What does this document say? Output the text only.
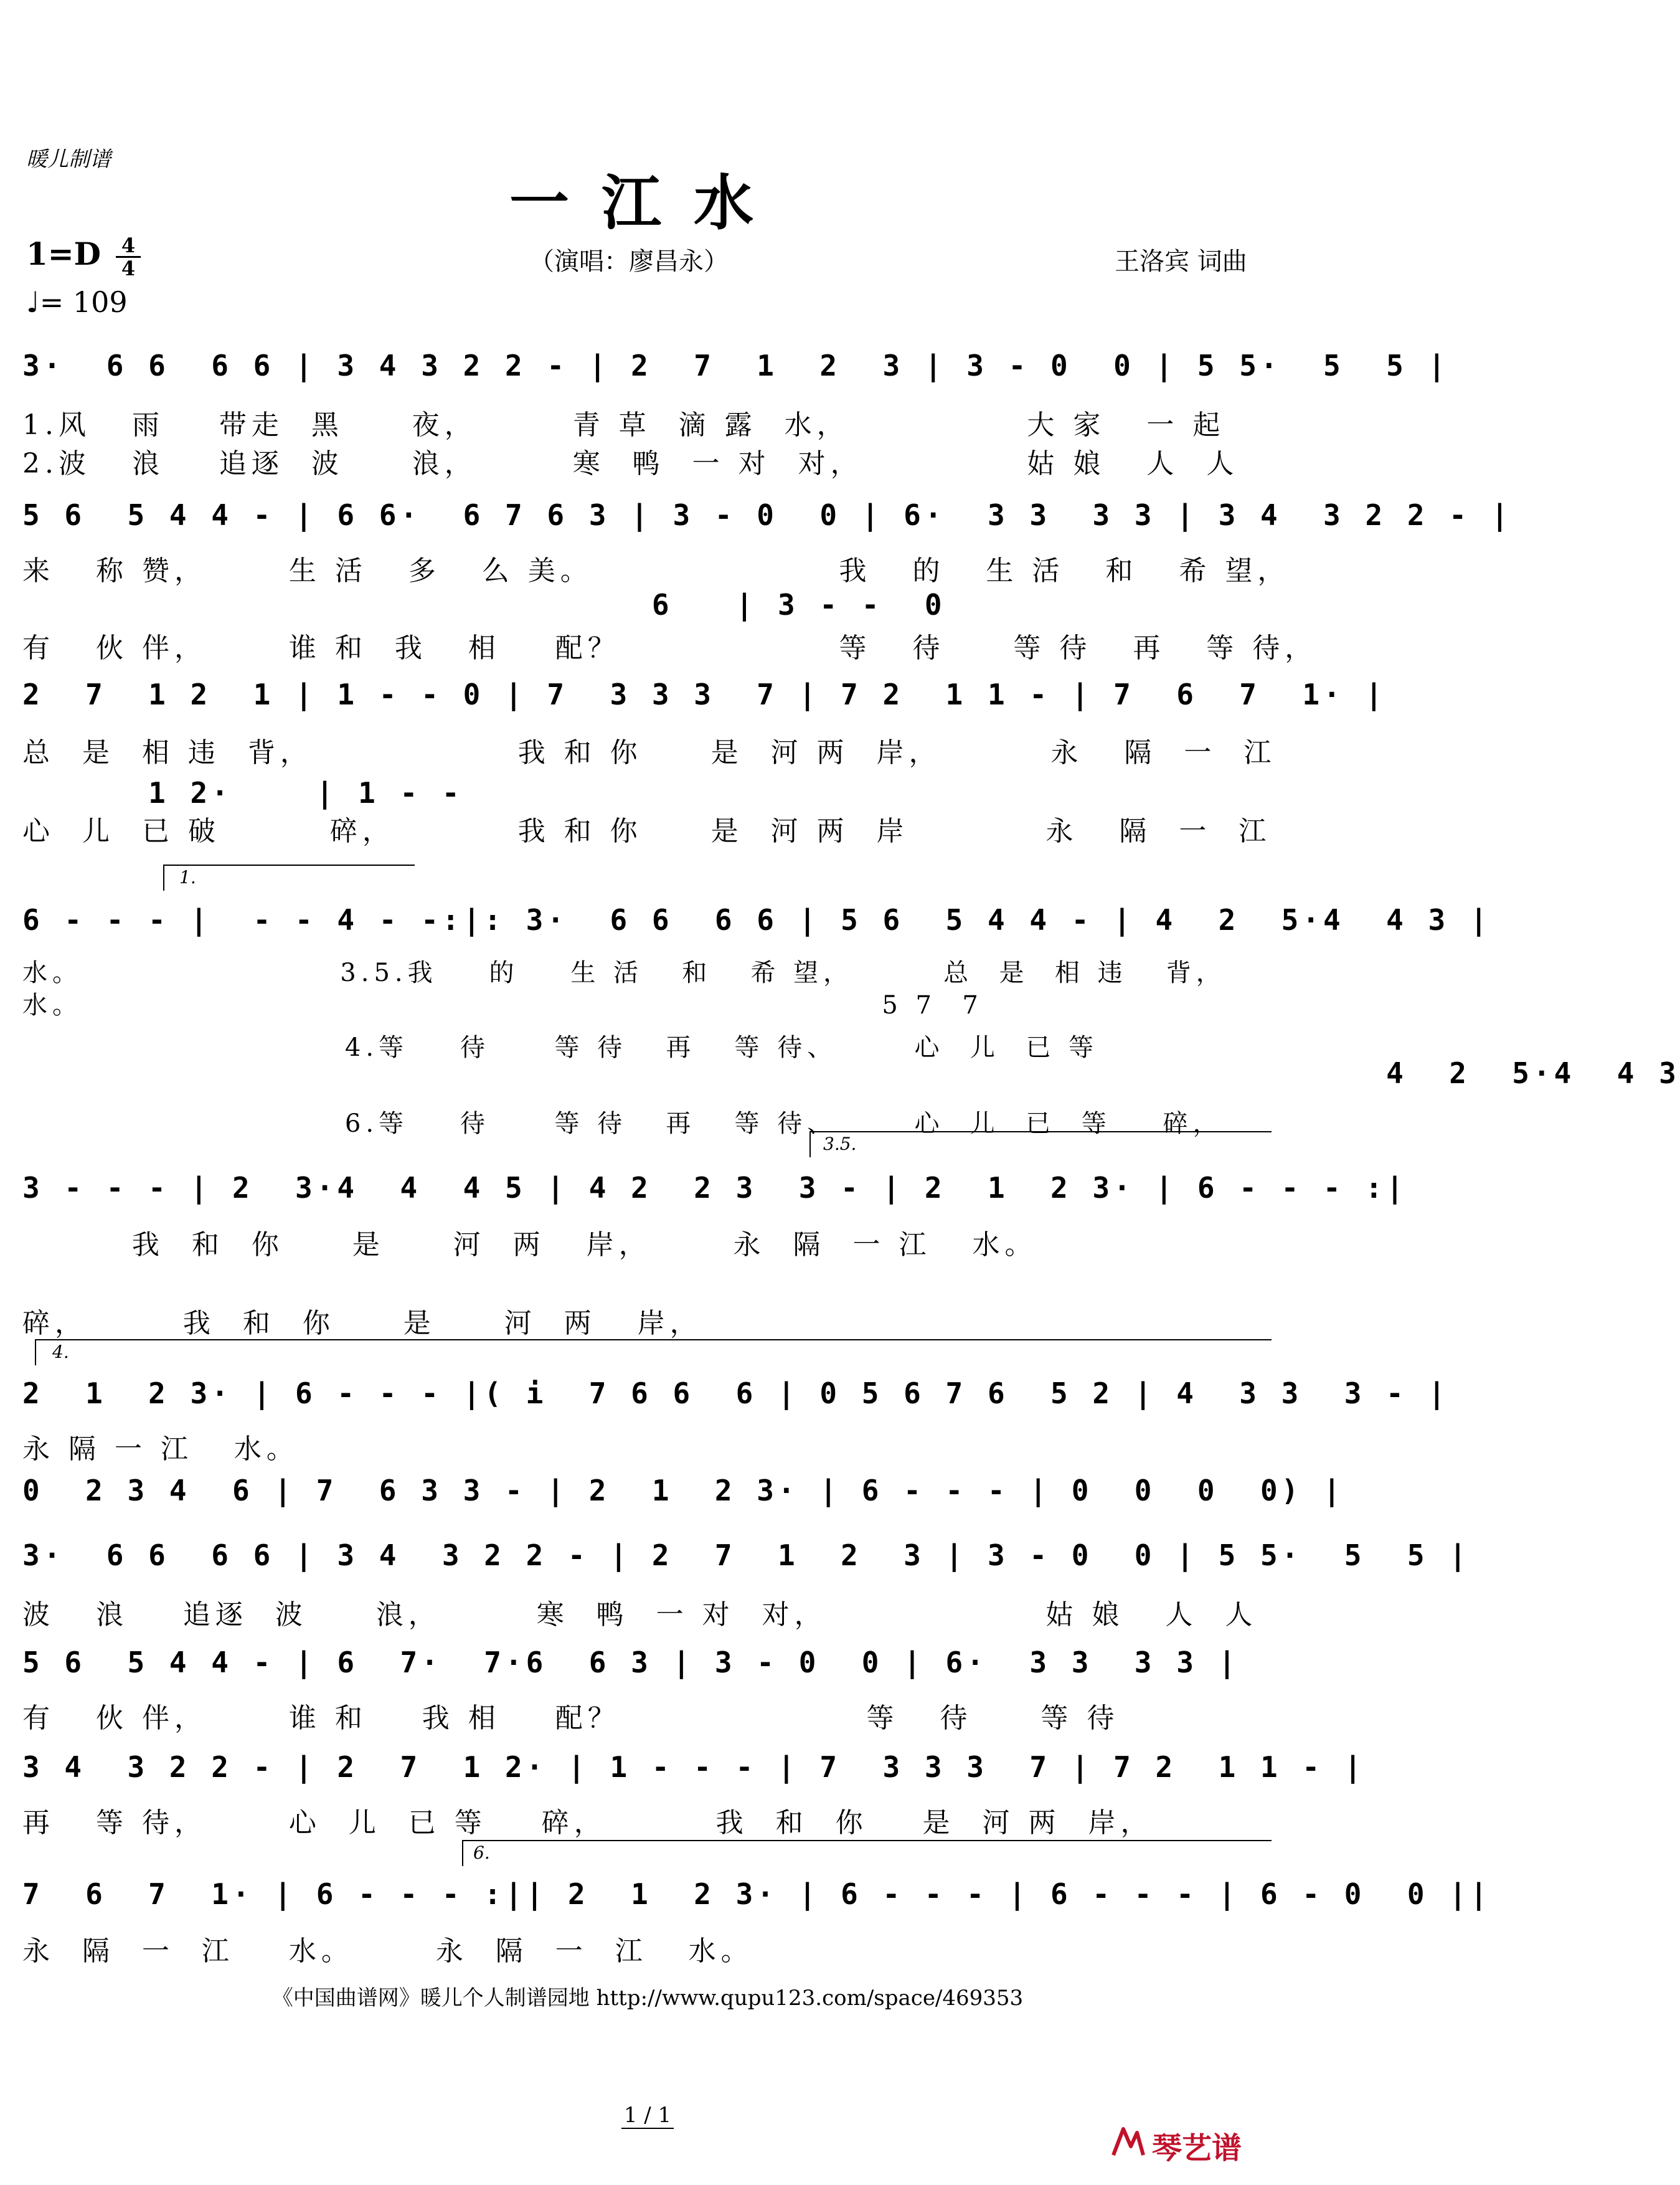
暖儿制谱
一江水
1=D 4
4
♩= 109
（演唱：廖昌永）	王洛宾 词曲
3·  6 6  6 6 | 3 4 3 2 2 - | 2  7  1  2  3 | 3 - 0  0 | 5 5·  5  5 |
1.风   雨    带走  黑     夜，       青 草  滴 露  水，             大 家   一 起
2.波   浪    追逐  波     浪，       寒  鸭  一 对  对，            姑 娘   人  人
5 6  5 4 4 - | 6 6·  6 7 6 3 | 3 - 0  0 | 6·  3 3  3 3 | 3 4  3 2 2 - |
来   称 赞，      生 活   多   么 美。                  我   的   生 活   和   希 望，
6   | 3 - -  0
有   伙 伴，      谁 和  我   相    配？                等   待     等 待   再   等 待，
2  7  1 2  1 | 1 - - 0 | 7  3 3 3  7 | 7 2  1 1 - | 7  6  7  1· |
总  是  相 违  背，               我 和 你     是  河 两  岸，        永   隔  一  江
1 2·    | 1 - -
心  儿  已 破        碎，         我 和 你     是  河 两  岸          永   隔  一  江
1.
6 - - - |  - - 4 - -:|: 3·  6 6  6 6 | 5 6  5 4 4 - | 4  2  5·4  4 3 |
水。                    3.5.我    的    生 活   和   希 望，       总  是  相 违   背，
水。                                                              5 7  7
4.等    待     等 待   再   等 待、      心  儿  已 等
4  2  5·4  4 3
6.等    待     等 待   再   等 待、      心  儿  已  等    碎，
3.5.
3 - - - | 2  3·4  4  4 5 | 4 2  2 3  3 - | 2  1  2 3· | 6 - - - :|
我  和  你     是     河  两   岸，      永  隔  一 江   水。
碎，       我  和  你     是     河  两   岸，
4.
2  1  2 3· | 6 - - - |( i  7 6 6  6 | 0 5 6 7 6  5 2 | 4  3 3  3 - |
永 隔 一 江   水。
0  2 3 4  6 | 7  6 3 3 - | 2  1  2 3· | 6 - - - | 0  0  0  0) |
3·  6 6  6 6 | 3 4  3 2 2 - | 2  7  1  2  3 | 3 - 0  0 | 5 5·  5  5 |
波   浪    追逐  波     浪，       寒  鸭  一 对  对，                姑 娘   人  人
5 6  5 4 4 - | 6  7·  7·6  6 3 | 3 - 0  0 | 6·  3 3  3 3 |
有   伙 伴，      谁 和    我 相    配？                  等   待     等 待
3 4  3 2 2 - | 2  7  1 2· | 1 - - - | 7  3 3 3  7 | 7 2  1 1 - |
再   等 待，      心  儿  已 等    碎，        我  和  你    是  河 两  岸，
6.
7  6  7  1· | 6 - - - :|| 2  1  2 3· | 6 - - - | 6 - - - | 6 - 0  0 ||
永  隔  一  江    水。      永  隔  一  江   水。
《中国曲谱网》暖儿个人制谱园地 http://www.qupu123.com/space/469353
1 / 1
琴艺谱
